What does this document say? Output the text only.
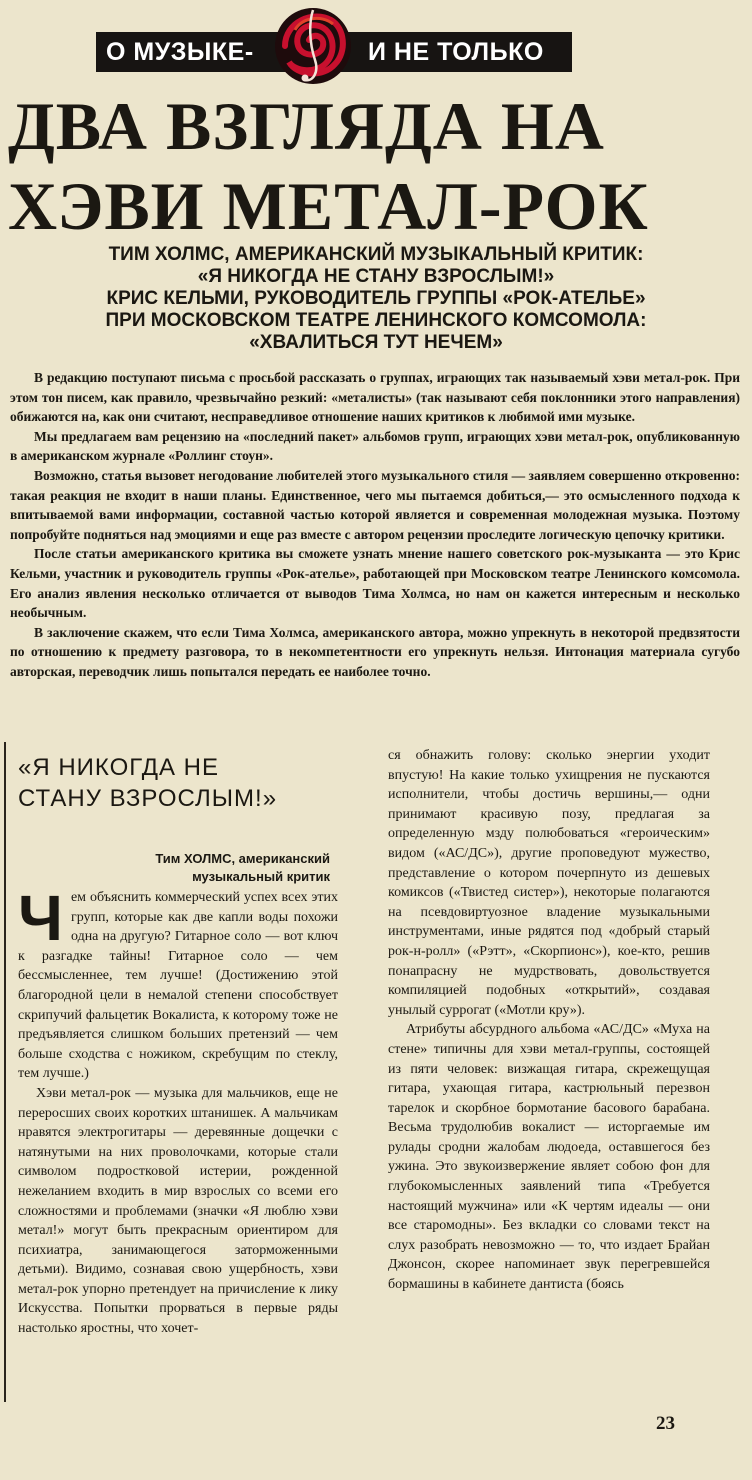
О МУЗЫКЕ-	И НЕ ТОЛЬКО
ДВА ВЗГЛЯДА НА
ХЭВИ МЕТАЛ-РОК
ТИМ ХОЛМС, АМЕРИКАНСКИЙ МУЗЫКАЛЬНЫЙ КРИТИК:
«Я НИКОГДА НЕ СТАНУ ВЗРОСЛЫМ!»
КРИС КЕЛЬМИ, РУКОВОДИТЕЛЬ ГРУППЫ «РОК-АТЕЛЬЕ»
ПРИ МОСКОВСКОМ ТЕАТРЕ ЛЕНИНСКОГО КОМСОМОЛА:
«ХВАЛИТЬСЯ ТУТ НЕЧЕМ»

В редакцию поступают письма с просьбой рассказать о группах, играющих так называемый хэви метал-рок. При этом тон писем, как правило, чрезвычайно резкий: «металисты» (так называют себя поклонники этого направления) обижаются на, как они считают, несправедливое отношение наших критиков к любимой ими музыке.

Мы предлагаем вам рецензию на «последний пакет» альбомов групп, играющих хэви метал-рок, опубликованную в американском журнале «Роллинг стоун».

Возможно, статья вызовет негодование любителей этого музыкального стиля — заявляем совершенно откровенно: такая реакция не входит в наши планы. Единственное, чего мы пытаемся добиться,— это осмысленного подхода к впитываемой вами информации, составной частью которой является и современная молодежная музыка. Поэтому попробуйте подняться над эмоциями и еще раз вместе с автором рецензии проследите логическую цепочку критики.

После статьи американского критика вы сможете узнать мнение нашего советского рок-музыканта — это Крис Кельми, участник и руководитель группы «Рок-ателье», работающей при Московском театре Ленинского комсомола. Его анализ явления несколько отличается от выводов Тима Холмса, но нам он кажется интересным и несколько необычным.

В заключение скажем, что если Тима Холмса, американского автора, можно упрекнуть в некоторой предвзятости по отношению к предмету разговора, то в некомпетентности его упрекнуть нельзя. Интонация материала сугубо авторская, переводчик лишь попытался передать ее наиболее точно.

«Я НИКОГДА НЕ
СТАНУ ВЗРОСЛЫМ!»
Тим ХОЛМС, американский
музыкальный критик

Чем объяснить коммерческий успех всех этих групп, которые как две капли воды похожи одна на другую? Гитарное соло — вот ключ к разгадке тайны! Гитарное соло — чем бессмысленнее, тем лучше! (Достижению этой благородной цели в немалой степени способствует скрипучий фальцетик Вокалиста, к которому тоже не предъявляется слишком больших претензий — чем больше сходства с ножиком, скребущим по стеклу, тем лучше.)

Хэви метал-рок — музыка для мальчиков, еще не переросших своих коротких штанишек. А мальчикам нравятся электрогитары — деревянные дощечки с натянутыми на них проволочками, которые стали символом подростковой истерии, рожденной нежеланием входить в мир взрослых со всеми его сложностями и проблемами (значки «Я люблю хэви метал!» могут быть прекрасным ориентиром для психиатра, занимающегося заторможенными детьми). Видимо, сознавая свою ущербность, хэви метал-рок упорно претендует на причисление к лику Искусства. Попытки прорваться в первые ряды настолько яростны, что хочет-

ся обнажить голову: сколько энергии уходит впустую! На какие только ухищрения не пускаются исполнители, чтобы достичь вершины,— одни принимают красивую позу, предлагая за определенную мзду полюбоваться «героическим» видом («АС/ДС»), другие проповедуют мужество, представление о котором почерпнуто из дешевых комиксов («Твистед систер»), некоторые полагаются на псевдовиртуозное владение музыкальными инструментами, иные рядятся под «добрый старый рок-н-ролл» («Рэтт», «Скорпионс»), кое-кто, решив понапрасну не мудрствовать, довольствуется компиляцией подобных «открытий», создавая унылый суррогат («Мотли кру»).

Атрибуты абсурдного альбома «АС/ДС» «Муха на стене» типичны для хэви метал-группы, состоящей из пяти человек: визжащая гитара, скрежещущая гитара, ухающая гитара, кастрюльный перезвон тарелок и скорбное бормотание басового барабана. Весьма трудолюбив вокалист — исторгаемые им рулады сродни жалобам людоеда, оставшегося без ужина. Это звукоизвержение являет собою фон для глубокомысленных заявлений типа «Требуется настоящий мужчина» или «К чертям идеалы — они все старомодны». Без вкладки со словами текст на слух разобрать невозможно — то, что издает Брайан Джонсон, скорее напоминает звук перегревшейся бормашины в кабинете дантиста (боясь

23
